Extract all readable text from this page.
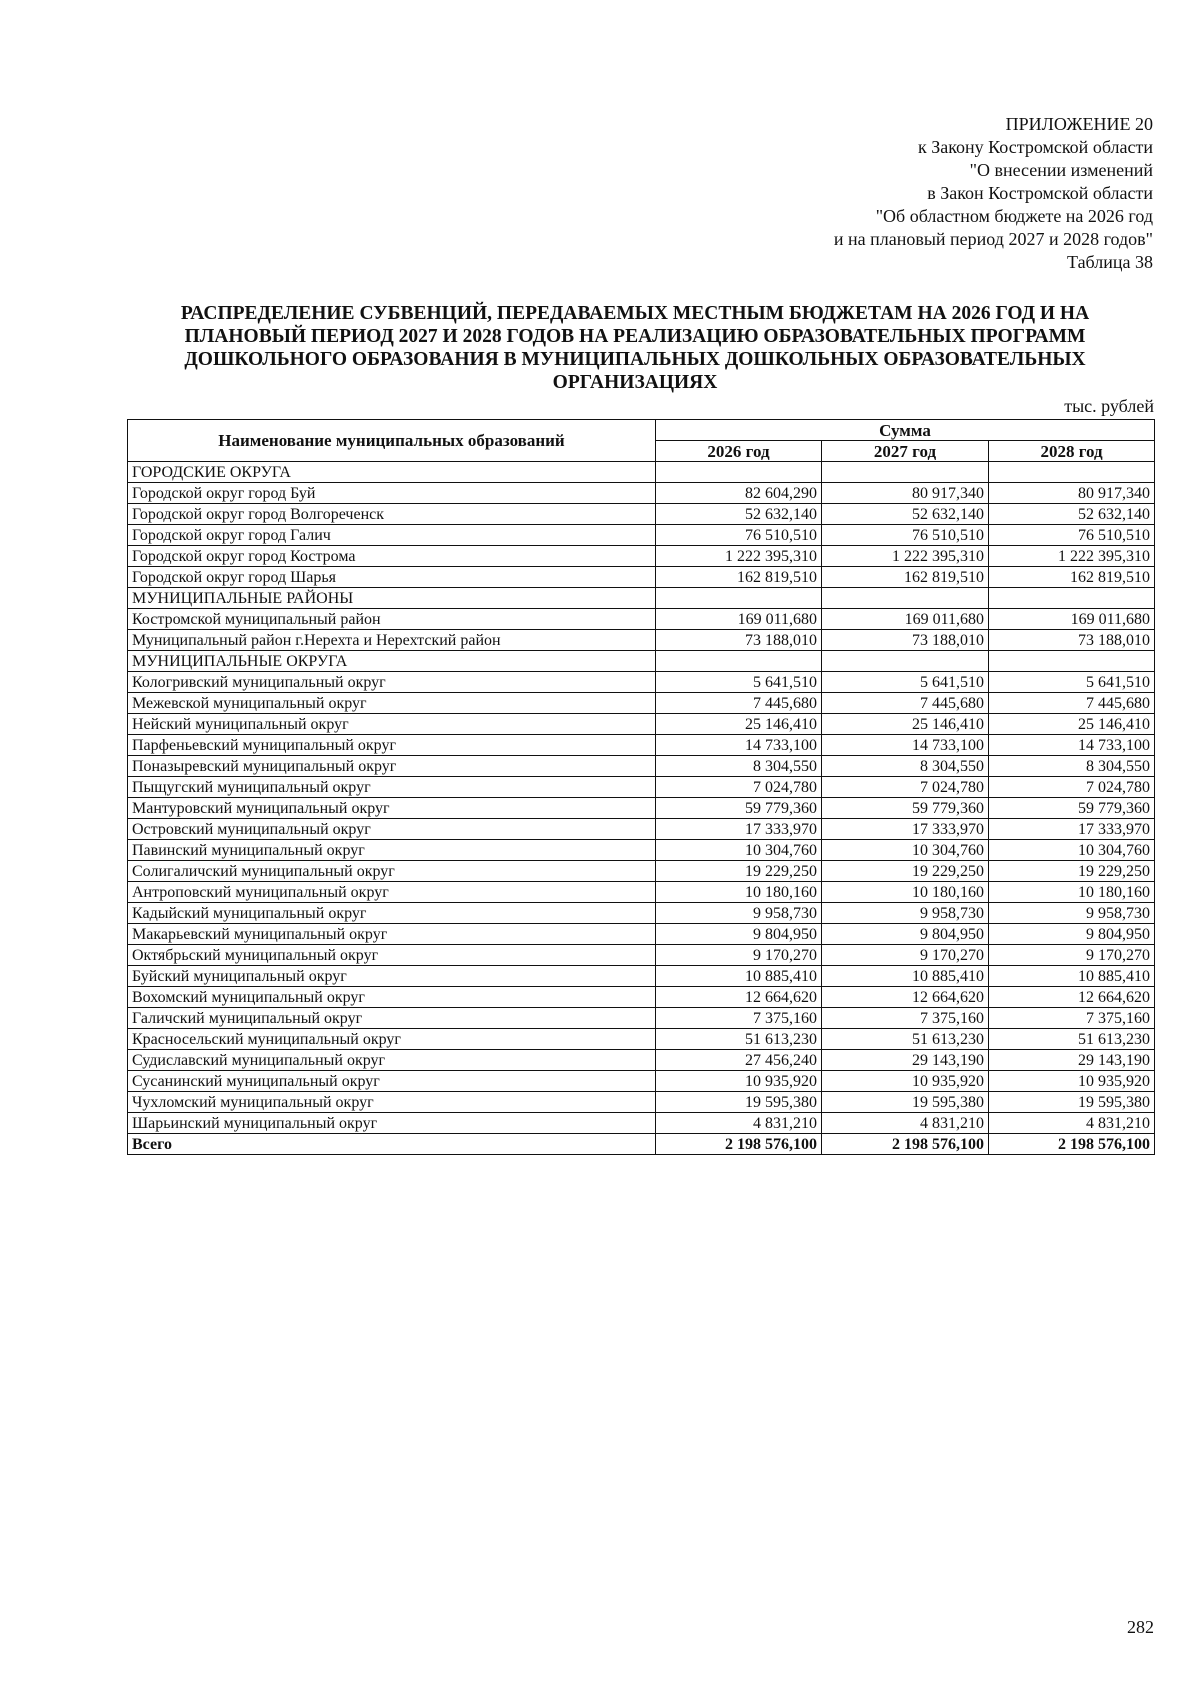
ПРИЛОЖЕНИЕ 20
к Закону Костромской области
"О внесении изменений
в Закон Костромской области
"Об областном бюджете на 2026 год
и на плановый период 2027 и 2028 годов"
Таблица 38
РАСПРЕДЕЛЕНИЕ СУБВЕНЦИЙ, ПЕРЕДАВАЕМЫХ МЕСТНЫМ БЮДЖЕТАМ НА 2026 ГОД И НА
ПЛАНОВЫЙ ПЕРИОД 2027 И 2028 ГОДОВ НА РЕАЛИЗАЦИЮ ОБРАЗОВАТЕЛЬНЫХ ПРОГРАММ
ДОШКОЛЬНОГО ОБРАЗОВАНИЯ В МУНИЦИПАЛЬНЫХ ДОШКОЛЬНЫХ ОБРАЗОВАТЕЛЬНЫХ
ОРГАНИЗАЦИЯХ
тыс. рублей
Наименование муниципальных образований	Сумма		
	2026 год	2027 год	2028 год
ГОРОДСКИЕ ОКРУГА			
Городской округ город Буй	82 604,290	80 917,340	80 917,340
Городской округ город Волгореченск	52 632,140	52 632,140	52 632,140
Городской округ город Галич	76 510,510	76 510,510	76 510,510
Городской округ город Кострома	1 222 395,310	1 222 395,310	1 222 395,310
Городской округ город Шарья	162 819,510	162 819,510	162 819,510
МУНИЦИПАЛЬНЫЕ РАЙОНЫ			
Костромской муниципальный район	169 011,680	169 011,680	169 011,680
Муниципальный район г.Нерехта и Нерехтский район	73 188,010	73 188,010	73 188,010
МУНИЦИПАЛЬНЫЕ ОКРУГА			
Кологривский муниципальный округ	5 641,510	5 641,510	5 641,510
Межевской муниципальный округ	7 445,680	7 445,680	7 445,680
Нейский муниципальный округ	25 146,410	25 146,410	25 146,410
Парфеньевский муниципальный округ	14 733,100	14 733,100	14 733,100
Поназыревский муниципальный округ	8 304,550	8 304,550	8 304,550
Пыщугский муниципальный округ	7 024,780	7 024,780	7 024,780
Мантуровский муниципальный округ	59 779,360	59 779,360	59 779,360
Островский муниципальный округ	17 333,970	17 333,970	17 333,970
Павинский муниципальный округ	10 304,760	10 304,760	10 304,760
Солигаличский муниципальный округ	19 229,250	19 229,250	19 229,250
Антроповский муниципальный округ	10 180,160	10 180,160	10 180,160
Кадыйский муниципальный округ	9 958,730	9 958,730	9 958,730
Макарьевский муниципальный округ	9 804,950	9 804,950	9 804,950
Октябрьский муниципальный округ	9 170,270	9 170,270	9 170,270
Буйский муниципальный округ	10 885,410	10 885,410	10 885,410
Вохомский муниципальный округ	12 664,620	12 664,620	12 664,620
Галичский муниципальный округ	7 375,160	7 375,160	7 375,160
Красносельский муниципальный округ	51 613,230	51 613,230	51 613,230
Судиславский муниципальный округ	27 456,240	29 143,190	29 143,190
Сусанинский муниципальный округ	10 935,920	10 935,920	10 935,920
Чухломский муниципальный округ	19 595,380	19 595,380	19 595,380
Шарьинский муниципальный округ	4 831,210	4 831,210	4 831,210
Всего	2 198 576,100	2 198 576,100	2 198 576,100
282
